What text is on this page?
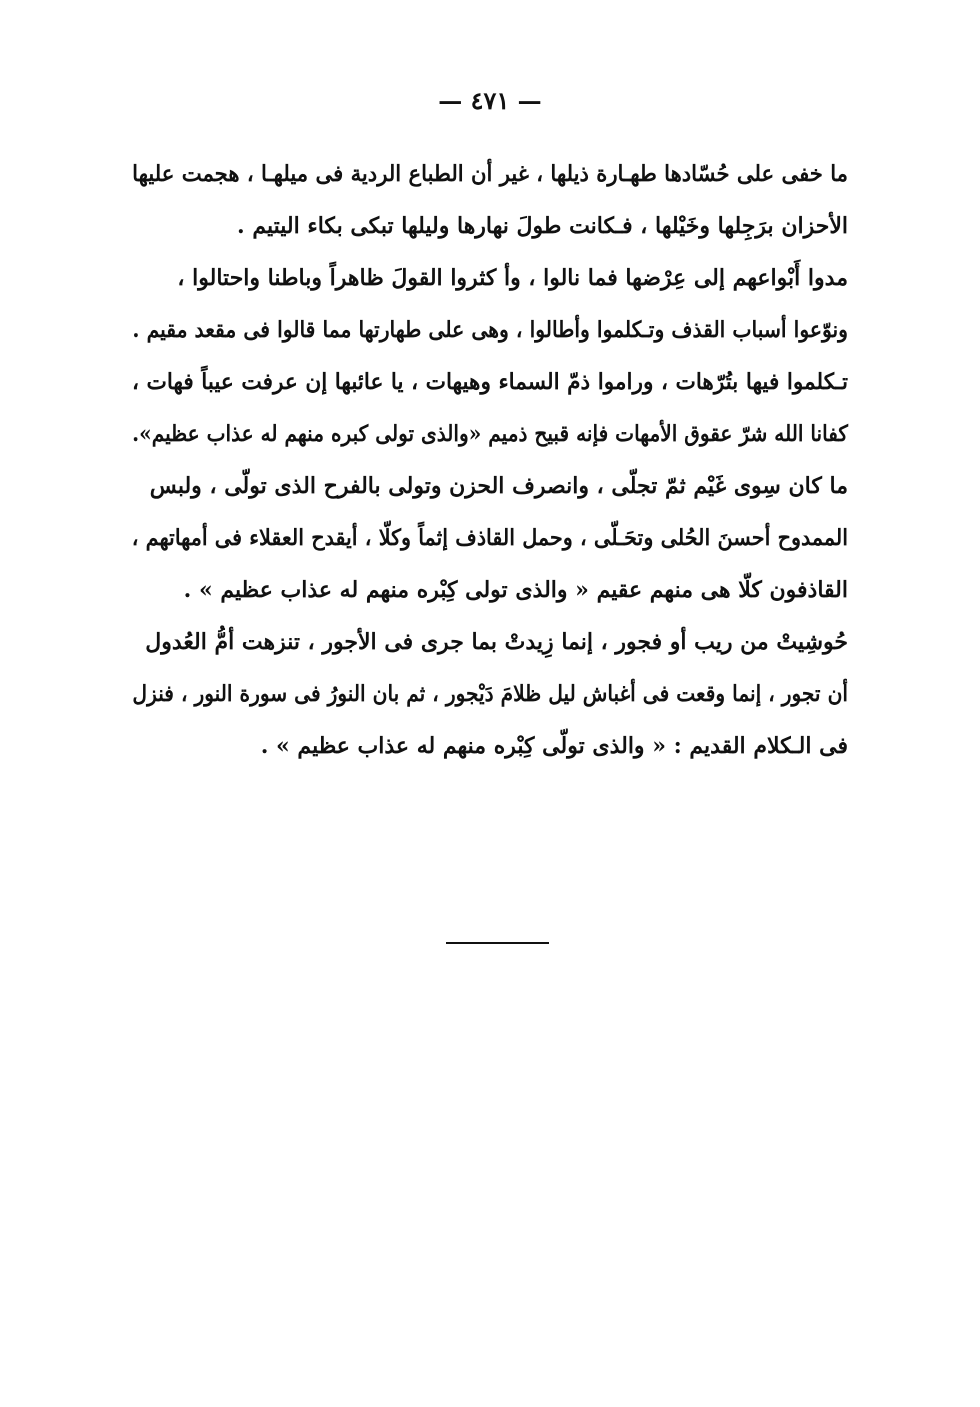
— ٤٧١ —

ما خفى على حُسّادها طهـارة ذيلها ، غير أن الطباع الردية فى ميلهـا ، هجمت عليها
الأحزان برَجِلها وخَيْلها ، فـكانت طولَ نهارها وليلها تبكى بكاء اليتيم .

مدوا أَبْواعهم إلى عِرْضها فما نالوا ، وأ كثروا القولَ ظاهراً وباطنا واحتالوا ،
ونوّعوا أسباب القذف وتـكلموا وأطالوا ، وهى على طهارتها مما قالوا فى مقعد مقيم .

تـكلموا فيها بتُرّهات ، وراموا ذمّ السماء وهيهات ، يا عائبها إن عرفت عيباً فهات ،
كفانا الله شرّ عقوق الأمهات فإنه قبيح ذميم «والذى تولى كبره منهم له عذاب عظيم».

ما كان سِوى غَيْم ثمّ تجلّى ، وانصرف الحزن وتولى بالفرح الذى تولّى ، ولبس
الممدوح أحسنَ الحُلى وتحَـلّى ، وحمل القاذف إثماً وكلّا ، أيقدح العقلاء فى أمهاتهم ،
القاذفون كلّا هى منهم عقيم « والذى تولى كِبْره منهم له عذاب عظيم » .

حُوشِيتْ من ريب أو فجور ، إنما زِيدتْ بما جرى فى الأجور ، تنزهت أمُّ العُدول
أن تجور ، إنما وقعت فى أغباش ليل ظلامَ دَيْجور ، ثم بان النورُ فى سورة النور ، فنزل
فى الـكلام القديم : « والذى تولّى كِبْره منهم له عذاب عظيم » .
